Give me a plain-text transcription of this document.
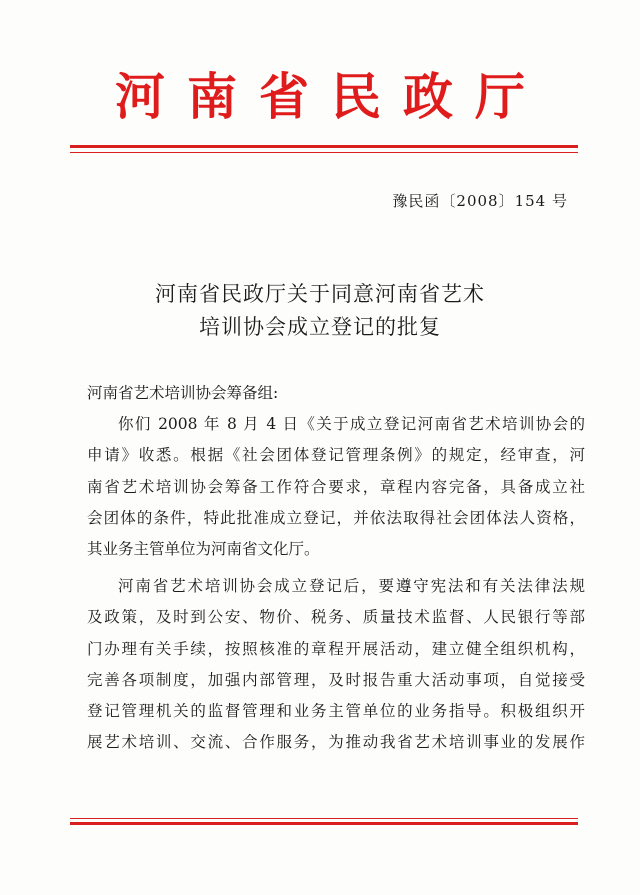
河南省民政厅
豫民函〔2008〕154 号
河南省民政厅关于同意河南省艺术
培训协会成立登记的批复
河南省艺术培训协会筹备组:
你们 2008 年 8 月 4 日《关于成立登记河南省艺术培训协会的
申请》收悉。根据《社会团体登记管理条例》的规定，经审查，河
南省艺术培训协会筹备工作符合要求，章程内容完备，具备成立社
会团体的条件，特此批准成立登记，并依法取得社会团体法人资格，
其业务主管单位为河南省文化厅。
河南省艺术培训协会成立登记后，要遵守宪法和有关法律法规
及政策，及时到公安、物价、税务、质量技术监督、人民银行等部
门办理有关手续，按照核准的章程开展活动，建立健全组织机构，
完善各项制度，加强内部管理，及时报告重大活动事项，自觉接受
登记管理机关的监督管理和业务主管单位的业务指导。积极组织开
展艺术培训、交流、合作服务，为推动我省艺术培训事业的发展作
